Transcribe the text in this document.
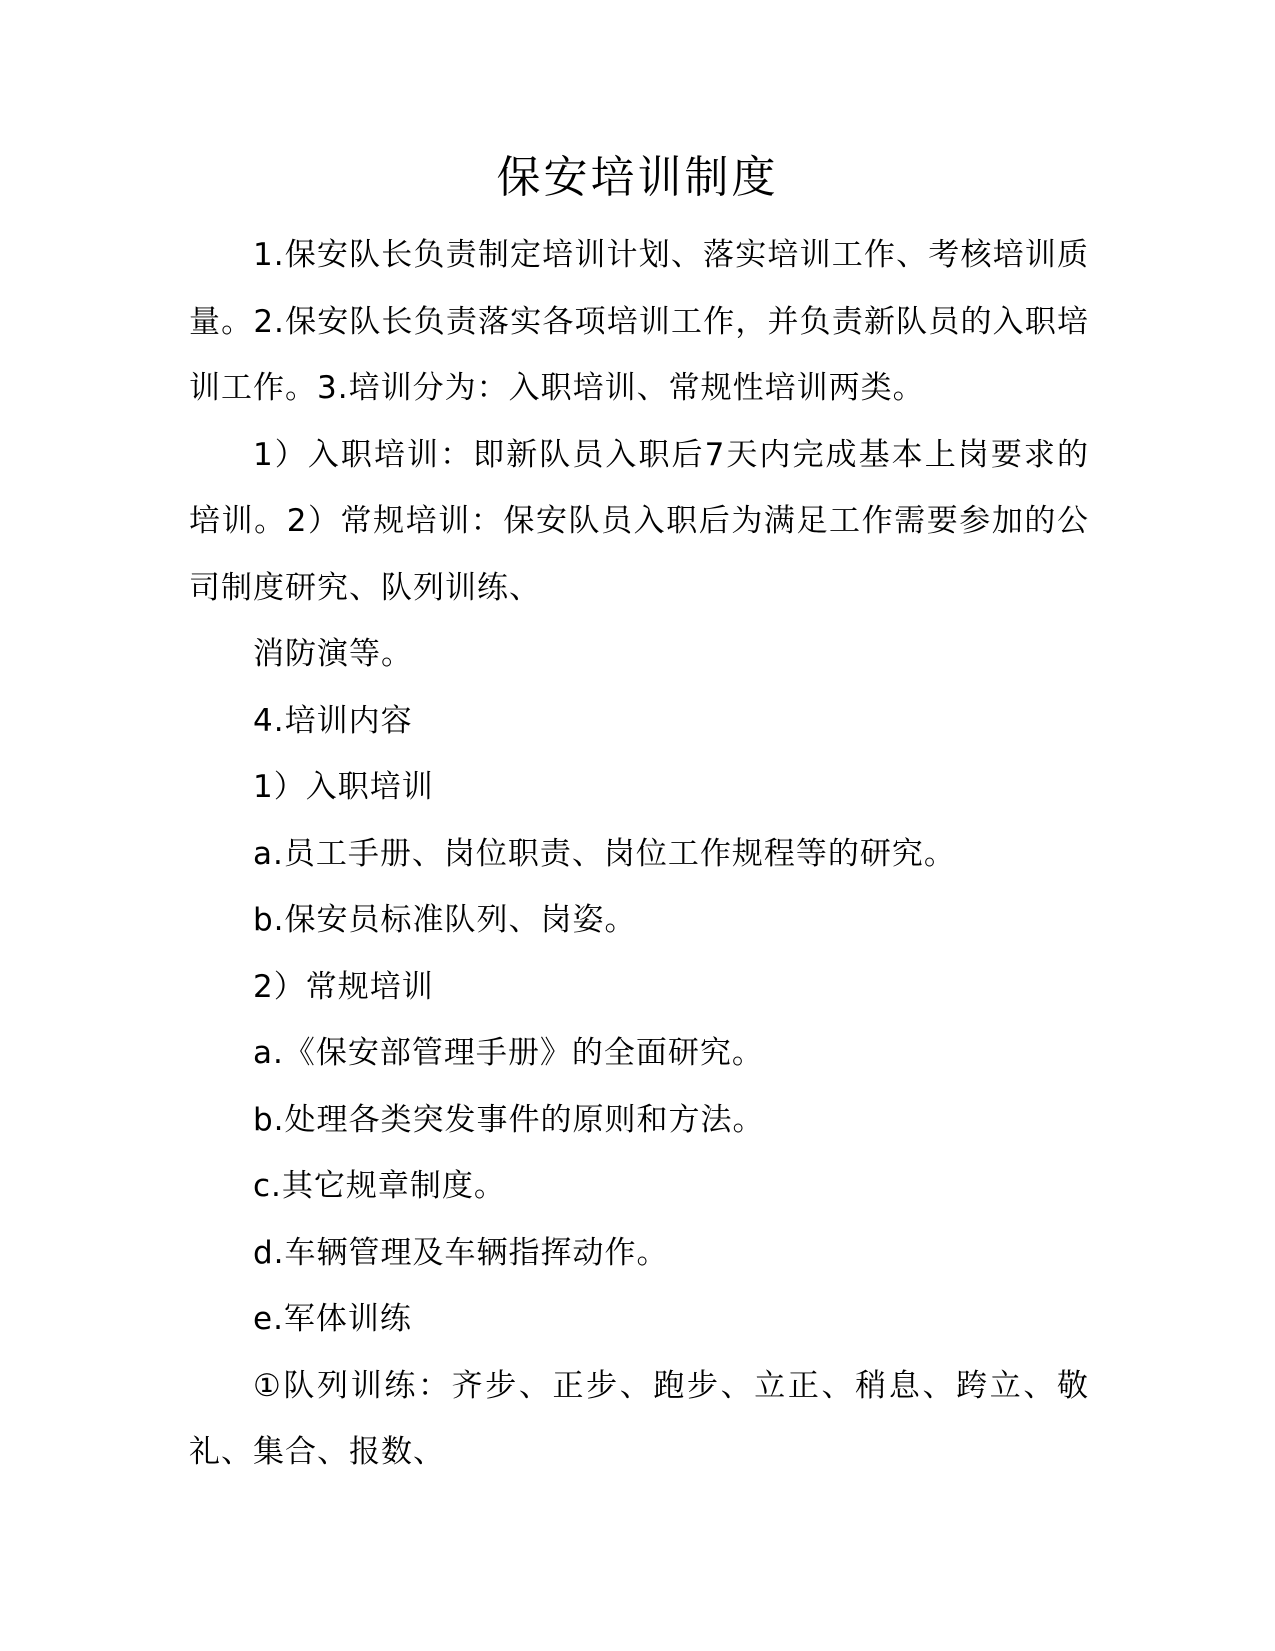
保安培训制度

1.保安队长负责制定培训计划、落实培训工作、考核培训质量。2.保安队长负责落实各项培训工作，并负责新队员的入职培训工作。3.培训分为：入职培训、常规性培训两类。

1）入职培训：即新队员入职后7天内完成基本上岗要求的培训。2）常规培训：保安队员入职后为满足工作需要参加的公司制度研究、队列训练、

消防演等。

4.培训内容

1）入职培训

a.员工手册、岗位职责、岗位工作规程等的研究。

b.保安员标准队列、岗姿。

2）常规培训

a.《保安部管理手册》的全面研究。

b.处理各类突发事件的原则和方法。

c.其它规章制度。

d.车辆管理及车辆指挥动作。

e.军体训练

①队列训练：齐步、正步、跑步、立正、稍息、跨立、敬礼、集合、报数、
